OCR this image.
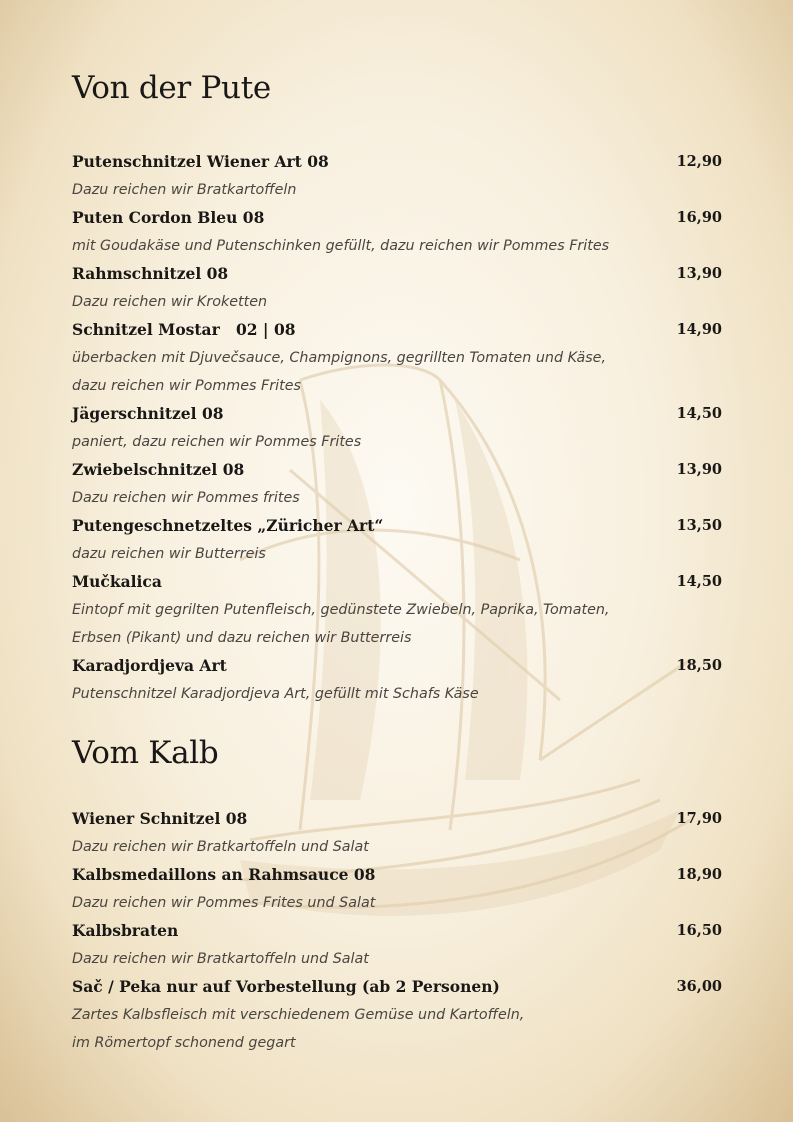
Von der Pute
Putenschnitzel Wiener Art 08	12,90
Dazu reichen wir Bratkartoffeln
Puten Cordon Bleu 08	16,90
mit Goudakäse und Putenschinken gefüllt, dazu reichen wir Pommes Frites
Rahmschnitzel 08	13,90
Dazu reichen wir Kroketten
Schnitzel Mostar   02 | 08	14,90
überbacken mit Djuvečsauce, Champignons, gegrillten Tomaten und Käse,
dazu reichen wir Pommes Frites
Jägerschnitzel 08	14,50
paniert, dazu reichen wir Pommes Frites
Zwiebelschnitzel 08	13,90
Dazu reichen wir Pommes frites
Putengeschnetzeltes „Züricher Art“	13,50
dazu reichen wir Butterreis
Mučkalica	14,50
Eintopf mit gegrilten Putenfleisch, gedünstete Zwiebeln, Paprika, Tomaten,
Erbsen (Pikant) und dazu reichen wir Butterreis
Karadjordjeva Art	18,50
Putenschnitzel Karadjordjeva Art, gefüllt mit Schafs Käse
Vom Kalb
Wiener Schnitzel 08	17,90
Dazu reichen wir Bratkartoffeln und Salat
Kalbsmedaillons an Rahmsauce 08	18,90
Dazu reichen wir Pommes Frites und Salat
Kalbsbraten	16,50
Dazu reichen wir Bratkartoffeln und Salat
Sač / Peka nur auf Vorbestellung (ab 2 Personen)	36,00
Zartes Kalbsfleisch mit verschiedenem Gemüse und Kartoffeln,
im Römertopf schonend gegart
